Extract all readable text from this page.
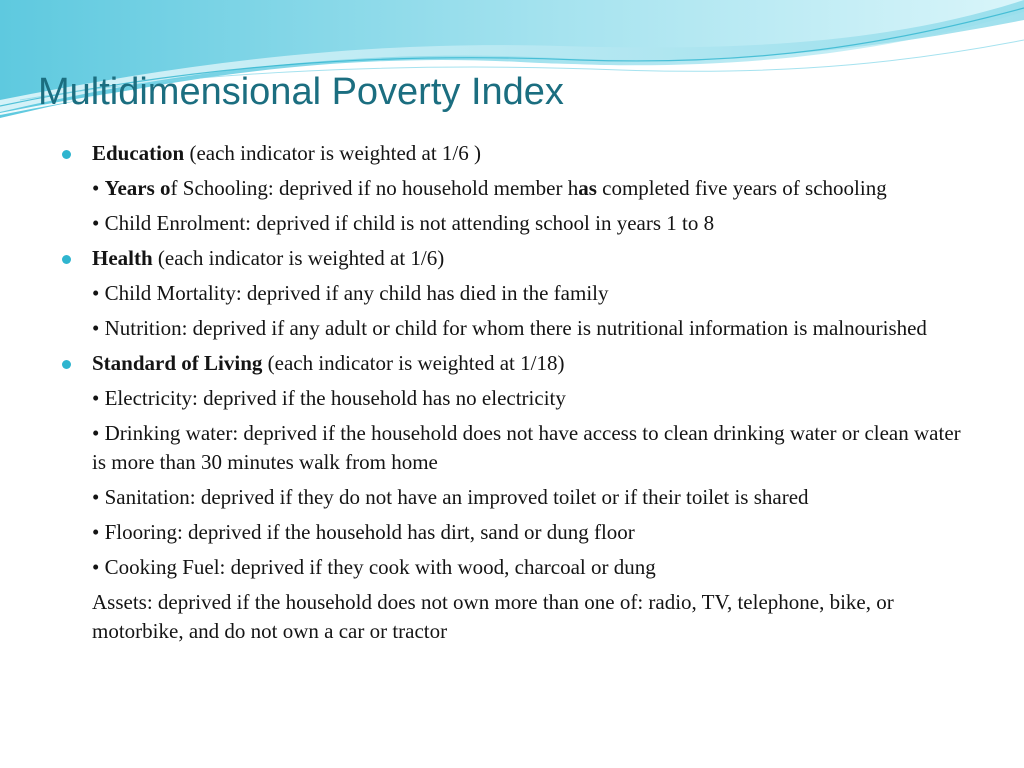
Multidimensional Poverty Index
Education (each indicator is weighted at 1/6 )
• Years of Schooling: deprived if no household member has completed five years of schooling
• Child Enrolment: deprived if child is not attending school in years 1 to 8
Health (each indicator is weighted at 1/6)
• Child Mortality: deprived if any child has died in the family
• Nutrition: deprived if any adult or child for whom there is nutritional information is malnourished
Standard of Living (each indicator is weighted at 1/18)
• Electricity: deprived if the household has no electricity
• Drinking water: deprived if the household does not have access to clean drinking water or clean water is more than 30 minutes walk from home
• Sanitation: deprived if they do not have an improved toilet or if their toilet is shared
• Flooring: deprived if the household has dirt, sand or dung floor
• Cooking Fuel: deprived if they cook with wood, charcoal or dung
Assets: deprived if the household does not own more than one of: radio, TV, telephone, bike, or motorbike, and do not own a car or tractor
